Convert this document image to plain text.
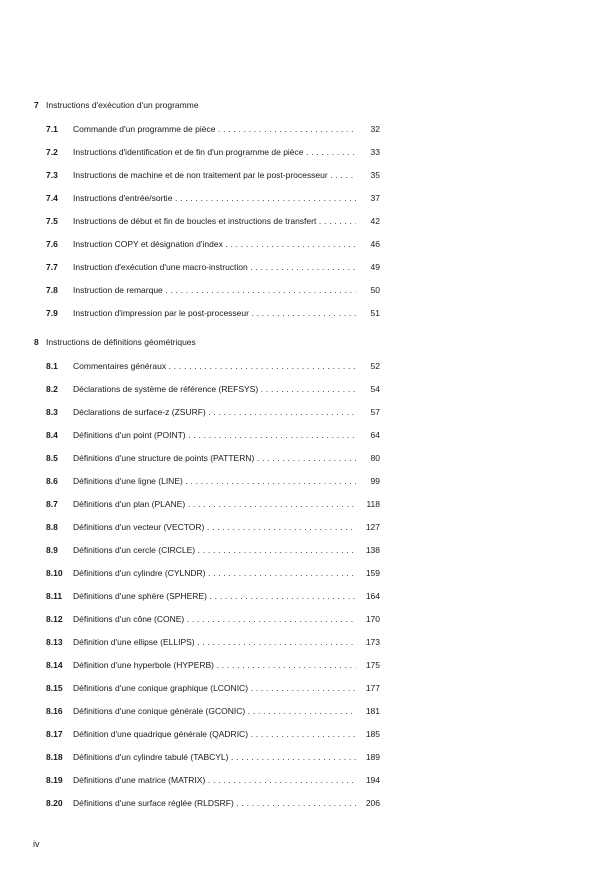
7 Instructions d'exécution d'un programme
7.1 Commande d'un programme de pièce . . .	32
7.2 Instructions d'identification et de fin d'un programme de pièce . . .	33
7.3 Instructions de machine et de non traitement par le post-processeur . . .	35
7.4 Instructions d'entrée/sortie . . .	37
7.5 Instructions de début et fin de boucles et instructions de transfert . . .	42
7.6 Instruction COPY et désignation d'index . . .	46
7.7 Instruction d'exécution d'une macro-instruction . . .	49
7.8 Instruction de remarque . . .	50
7.9 Instruction d'impression par le post-processeur . . .	51
8 Instructions de définitions géométriques
8.1 Commentaires généraux . . .	52
8.2 Déclarations de système de référence (REFSYS) . . .	54
8.3 Déclarations de surface-z (ZSURF) . . .	57
8.4 Définitions d'un point (POINT) . . .	64
8.5 Définitions d'une structure de points (PATTERN) . . .	80
8.6 Définitions d'une ligne (LINE) . . .	99
8.7 Définitions d'un plan (PLANE) . . .	118
8.8 Définitions d'un vecteur (VECTOR) . . .	127
8.9 Définitions d'un cercle (CIRCLE) . . .	138
8.10 Définitions d'un cylindre (CYLNDR) . . .	159
8.11 Définitions d'une sphère (SPHERE) . . .	164
8.12 Définitions d'un cône (CONE) . . .	170
8.13 Définition d'une ellipse (ELLIPS) . . .	173
8.14 Définition d'une hyperbole (HYPERB) . . .	175
8.15 Définitions d'une conique graphique (LCONIC) . . .	177
8.16 Définitions d'une conique générale (GCONIC) . . .	181
8.17 Définition d'une quadrique générale (QADRIC) . . .	185
8.18 Définitions d'un cylindre tabulé (TABCYL) . . .	189
8.19 Définitions d'une matrice (MATRIX) . . .	194
8.20 Définitions d'une surface réglée (RLDSRF) . . .	206
iv
